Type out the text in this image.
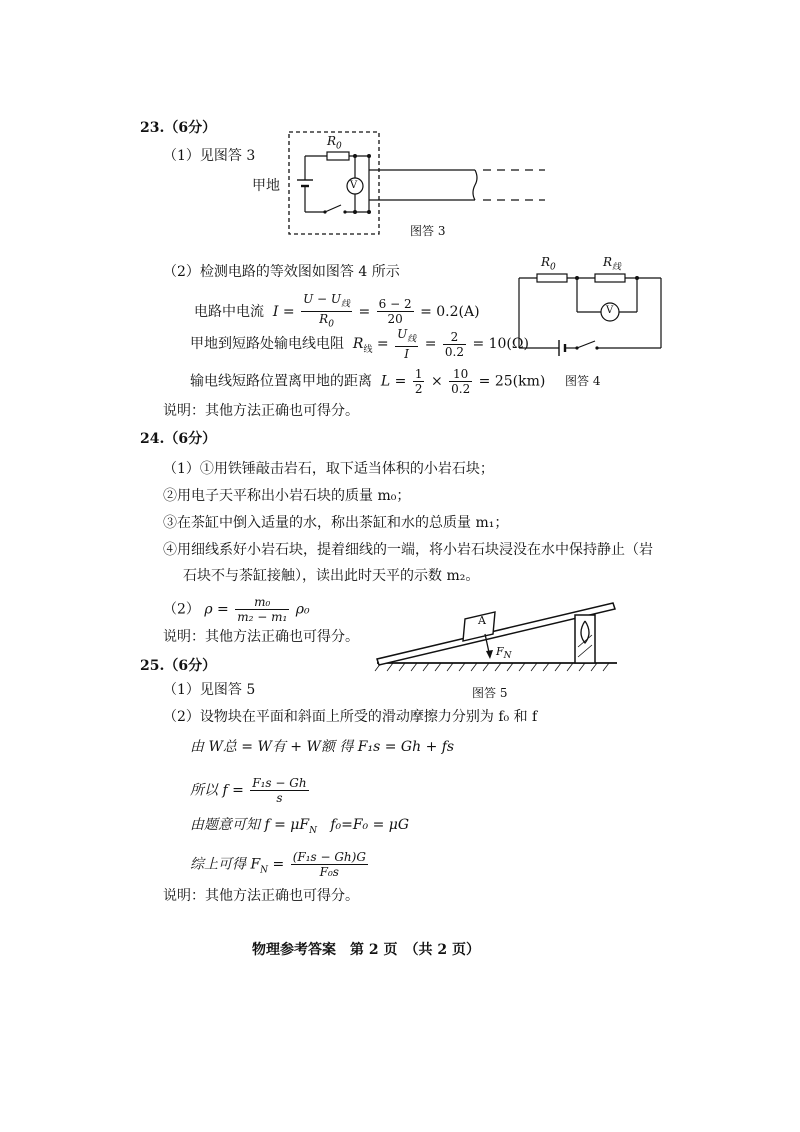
23.（6分）
（1）见图答 3
甲地
$R_0$
V
图答 3
（2）检测电路的等效图如图答 4 所示
电路中电流 $I = \frac{U - U_线}{R_0} = \frac{6 - 2}{20} = 0.2(A)$
甲地到短路处输电线电阻 $R_线 = \frac{U_线}{I} = \frac{2}{0.2} = 10(\Omega)$
输电线短路位置离甲地的距离 $L = \frac{1}{2} \times \frac{10}{0.2} = 25(km)$
$R_0$	$R_线$
V
图答 4
说明：其他方法正确也可得分。
24.（6分）
（1）①用铁锤敲击岩石，取下适当体积的小岩石块；
②用电子天平称出小岩石块的质量 m₀；
③在茶缸中倒入适量的水，称出茶缸和水的总质量 m₁；
④用细线系好小岩石块，提着细线的一端，将小岩石块浸没在水中保持静止（岩
石块不与茶缸接触），读出此时天平的示数 m₂。
（2） $\rho = \frac{\text{m₀}}{\text{m₂ − m₁}} \rho_0$
说明：其他方法正确也可得分。
25.（6分）
A
$F_N$
图答 5
（1）见图答 5
（2）设物块在平面和斜面上所受的滑动摩擦力分别为 f₀ 和 f
由 W总 = W有 + W额 得 F₁s = Gh + fs
所以 $f = \frac{\text{F₁s − Gh}}{s}$
由题意可知 $f = \mu F_N$ f₀=F₀ = μG
综上可得 $F_N = \frac{\text{(F₁s − Gh)G}}{\text{F₀s}}$
说明：其他方法正确也可得分。
物理参考答案　第 2 页　（共 2 页）
